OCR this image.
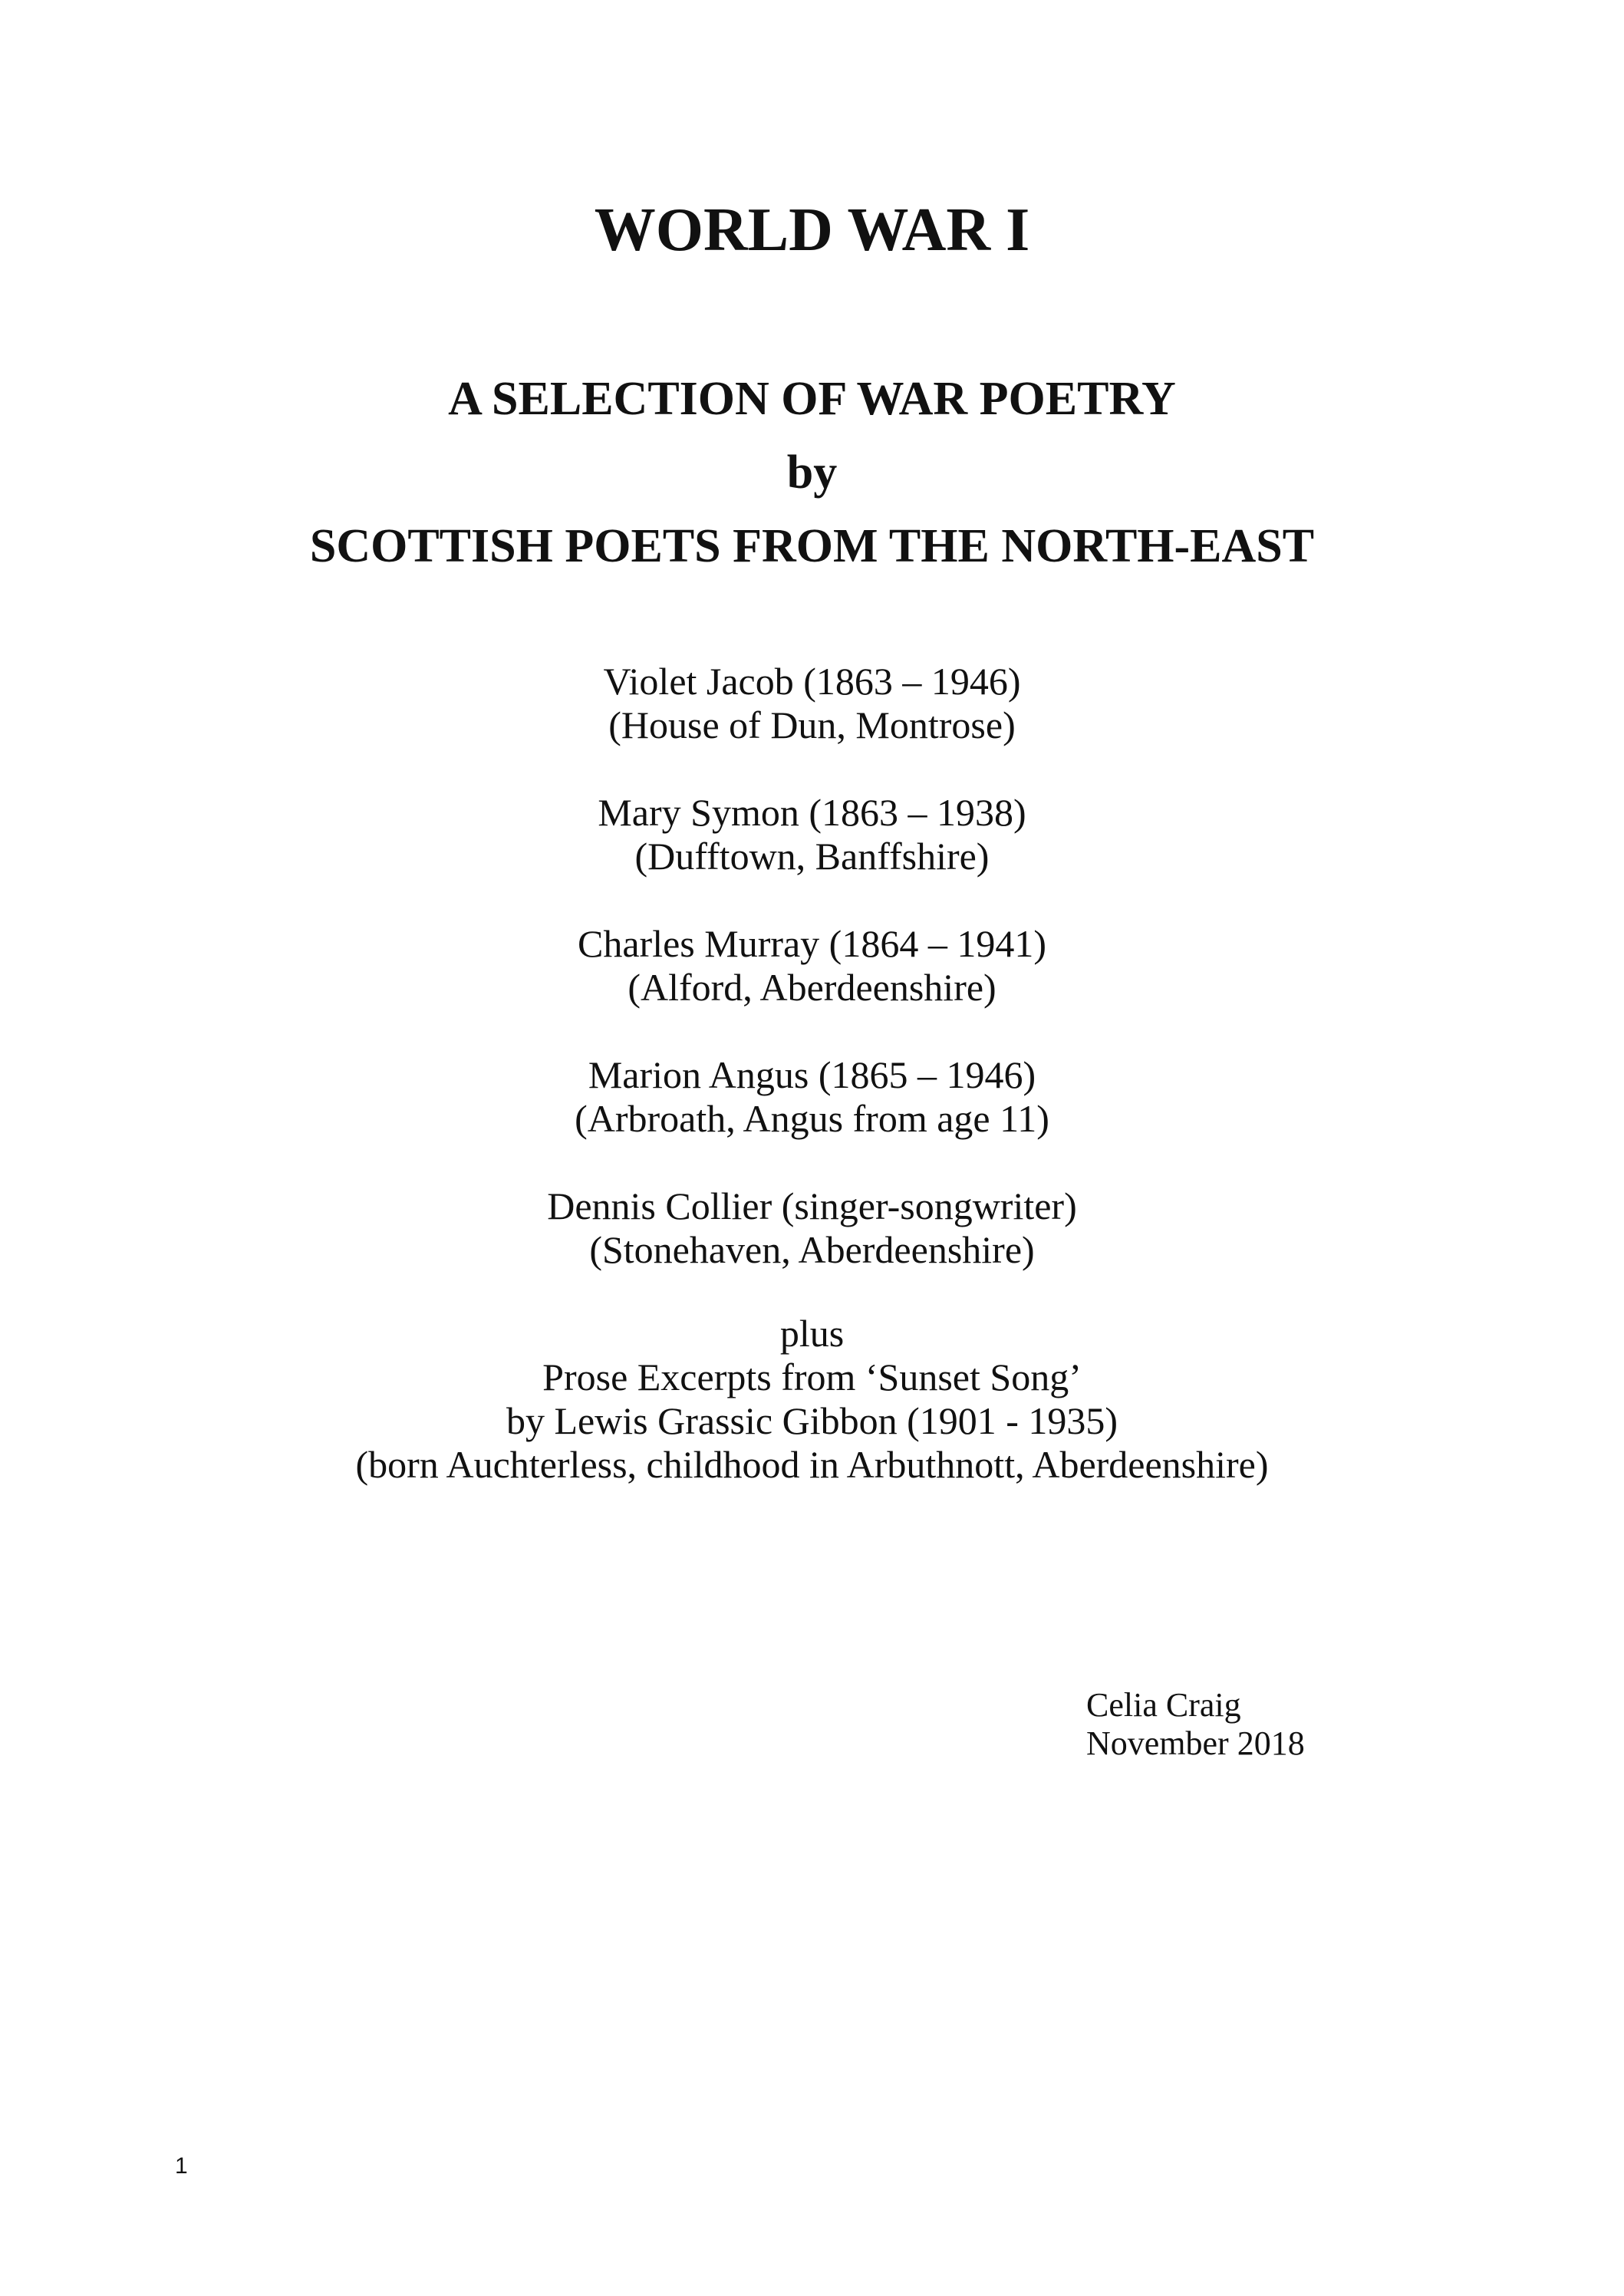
WORLD WAR I
A SELECTION OF WAR POETRY
by
SCOTTISH POETS FROM THE NORTH-EAST
Violet Jacob (1863 – 1946)
(House of Dun, Montrose)
Mary Symon (1863 – 1938)
(Dufftown, Banffshire)
Charles Murray (1864 – 1941)
(Alford, Aberdeenshire)
Marion Angus (1865 – 1946)
(Arbroath, Angus from age 11)
Dennis Collier (singer-songwriter)
(Stonehaven, Aberdeenshire)
plus
Prose Excerpts from ‘Sunset Song’
by Lewis Grassic Gibbon (1901 - 1935)
(born Auchterless, childhood in Arbuthnott, Aberdeenshire)
Celia Craig
November 2018
1
